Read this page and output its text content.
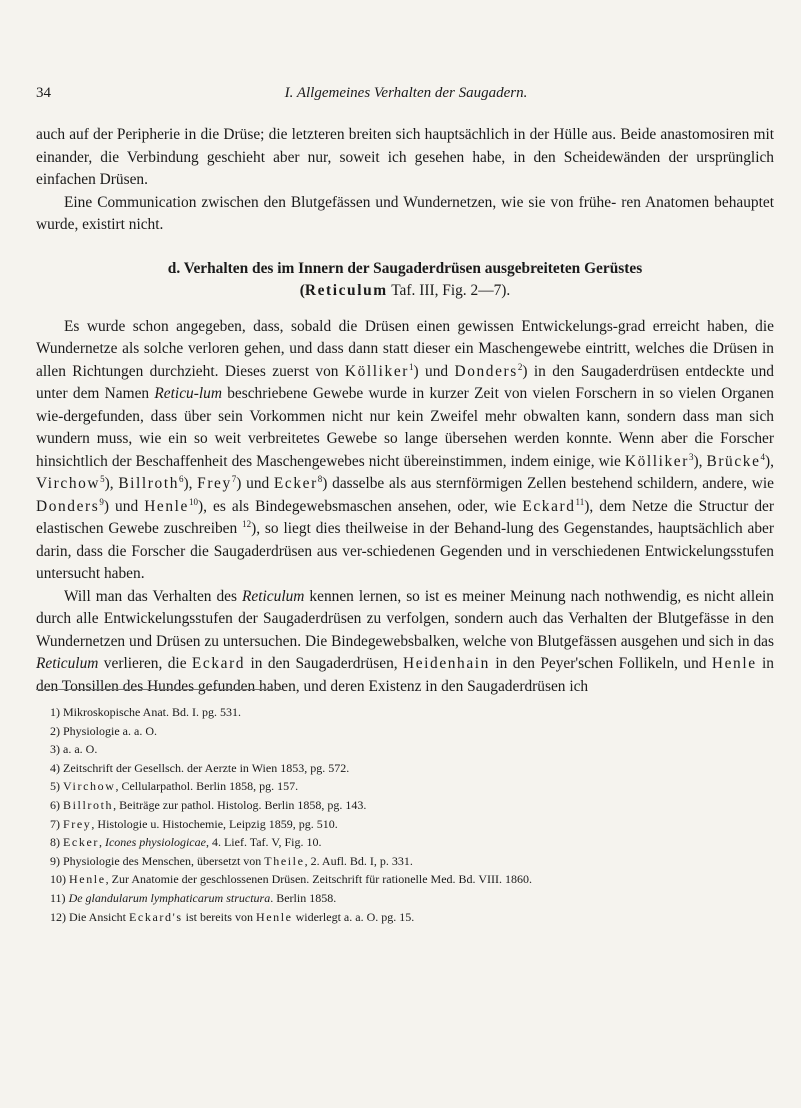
34	I. Allgemeines Verhalten der Saugadern.

auch auf der Peripherie in die Drüse; die letzteren breiten sich hauptsächlich in der Hülle aus. Beide anastomosiren mit einander, die Verbindung geschieht aber nur, soweit ich gesehen habe, in den Scheidewänden der ursprünglich einfachen Drüsen.

Eine Communication zwischen den Blutgefässen und Wundernetzen, wie sie von frühe- ren Anatomen behauptet wurde, existirt nicht.

d. Verhalten des im Innern der Saugaderdrüsen ausgebreiteten Gerüstes
(Reticulum Taf. III, Fig. 2—7).

Es wurde schon angegeben, dass, sobald die Drüsen einen gewissen Entwickelungs-grad erreicht haben, die Wundernetze als solche verloren gehen, und dass dann statt dieser ein Maschengewebe eintritt, welches die Drüsen in allen Richtungen durchzieht. Dieses zuerst von Kölliker$^1$) und Donders$^2$) in den Saugaderdrüsen entdeckte und unter dem Namen Reticu-lum beschriebene Gewebe wurde in kurzer Zeit von vielen Forschern in so vielen Organen wie-dergefunden, dass über sein Vorkommen nicht nur kein Zweifel mehr obwalten kann, sondern dass man sich wundern muss, wie ein so weit verbreitetes Gewebe so lange übersehen werden konnte. Wenn aber die Forscher hinsichtlich der Beschaffenheit des Maschengewebes nicht übereinstimmen, indem einige, wie Kölliker$^3$), Brücke$^4$), Virchow$^5$), Billroth$^6$), Frey$^7$) und Ecker$^8$) dasselbe als aus sternförmigen Zellen bestehend schildern, andere, wie Donders$^9$) und Henle$^{10}$), es als Bindegewebsmaschen ansehen, oder, wie Eckard$^{11}$), dem Netze die Structur der elastischen Gewebe zuschreiben $^{12}$), so liegt dies theilweise in der Behand-lung des Gegenstandes, hauptsächlich aber darin, dass die Forscher die Saugaderdrüsen aus ver-schiedenen Gegenden und in verschiedenen Entwickelungsstufen untersucht haben.

Will man das Verhalten des Reticulum kennen lernen, so ist es meiner Meinung nach nothwendig, es nicht allein durch alle Entwickelungsstufen der Saugaderdrüsen zu verfolgen, sondern auch das Verhalten der Blutgefässe in den Wundernetzen und Drüsen zu untersuchen. Die Bindegewebsbalken, welche von Blutgefässen ausgehen und sich in das Reticulum verlieren, die Eckard in den Saugaderdrüsen, Heidenhain in den Peyer'schen Follikeln, und Henle in den Tonsillen des Hundes gefunden haben, und deren Existenz in den Saugaderdrüsen ich

1) Mikroskopische Anat. Bd. I. pg. 531.
2) Physiologie a. a. O.
3) a. a. O.
4) Zeitschrift der Gesellsch. der Aerzte in Wien 1853, pg. 572.
5) Virchow, Cellularpathol. Berlin 1858, pg. 157.
6) Billroth, Beiträge zur pathol. Histolog. Berlin 1858, pg. 143.
7) Frey, Histologie u. Histochemie, Leipzig 1859, pg. 510.
8) Ecker, Icones physiologicae, 4. Lief. Taf. V, Fig. 10.
9) Physiologie des Menschen, übersetzt von Theile, 2. Aufl. Bd. I, p. 331.
10) Henle, Zur Anatomie der geschlossenen Drüsen. Zeitschrift für rationelle Med. Bd. VIII. 1860.
11) De glandularum lymphaticarum structura. Berlin 1858.
12) Die Ansicht Eckard's ist bereits von Henle widerlegt a. a. O. pg. 15.
